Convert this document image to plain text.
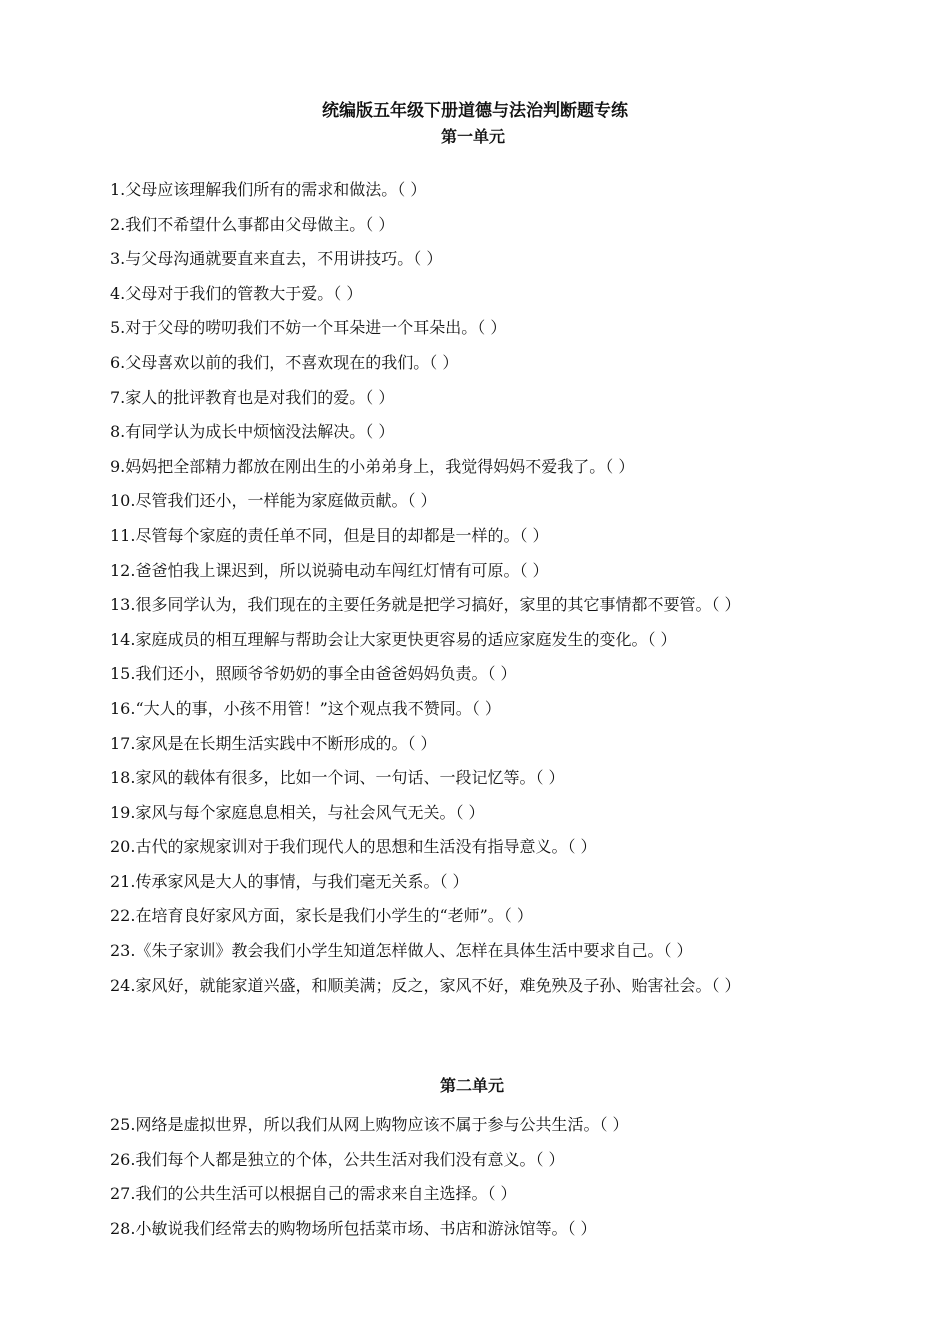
统编版五年级下册道德与法治判断题专练
第一单元
1.父母应该理解我们所有的需求和做法。（ ）
2.我们不希望什么事都由父母做主。（ ）
3.与父母沟通就要直来直去，不用讲技巧。（ ）
4.父母对于我们的管教大于爱。（ ）
5.对于父母的唠叨我们不妨一个耳朵进一个耳朵出。（ ）
6.父母喜欢以前的我们，不喜欢现在的我们。（ ）
7.家人的批评教育也是对我们的爱。（ ）
8.有同学认为成长中烦恼没法解决。（ ）
9.妈妈把全部精力都放在刚出生的小弟弟身上，我觉得妈妈不爱我了。（ ）
10.尽管我们还小，一样能为家庭做贡献。（ ）
11.尽管每个家庭的责任单不同，但是目的却都是一样的。（ ）
12.爸爸怕我上课迟到，所以说骑电动车闯红灯情有可原。（ ）
13.很多同学认为，我们现在的主要任务就是把学习搞好，家里的其它事情都不要管。（ ）
14.家庭成员的相互理解与帮助会让大家更快更容易的适应家庭发生的变化。（ ）
15.我们还小，照顾爷爷奶奶的事全由爸爸妈妈负责。（ ）
16.“大人的事，小孩不用管！”这个观点我不赞同。（ ）
17.家风是在长期生活实践中不断形成的。（ ）
18.家风的载体有很多，比如一个词、一句话、一段记忆等。（ ）
19.家风与每个家庭息息相关，与社会风气无关。（ ）
20.古代的家规家训对于我们现代人的思想和生活没有指导意义。（ ）
21.传承家风是大人的事情，与我们毫无关系。（ ）
22.在培育良好家风方面，家长是我们小学生的“老师”。（ ）
23.《朱子家训》教会我们小学生知道怎样做人、怎样在具体生活中要求自己。（ ）
24.家风好，就能家道兴盛，和顺美满；反之，家风不好，难免殃及子孙、贻害社会。（ ）
第二单元
25.网络是虚拟世界，所以我们从网上购物应该不属于参与公共生活。（ ）
26.我们每个人都是独立的个体，公共生活对我们没有意义。（ ）
27.我们的公共生活可以根据自己的需求来自主选择。（ ）
28.小敏说我们经常去的购物场所包括菜市场、书店和游泳馆等。（ ）
